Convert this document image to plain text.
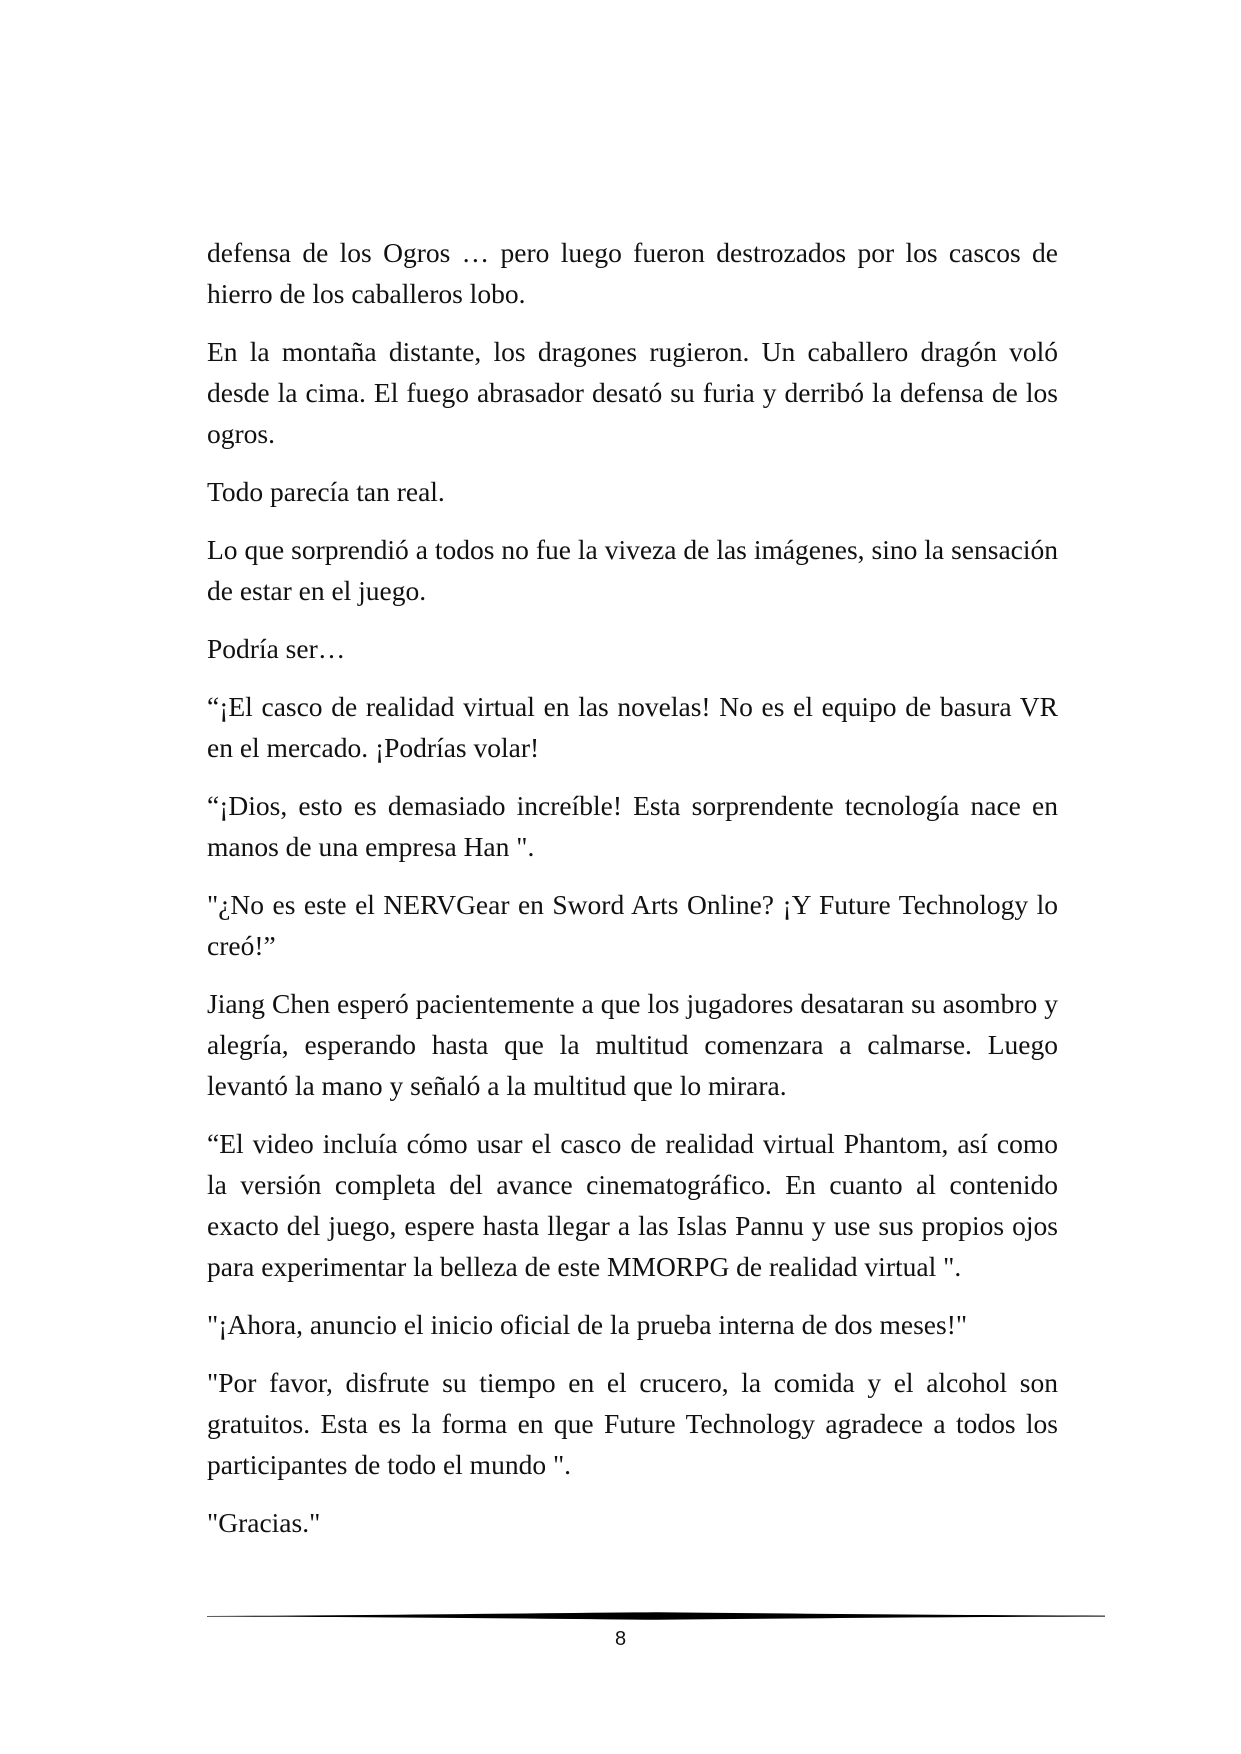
defensa de los Ogros … pero luego fueron destrozados por los cascos de hierro de los caballeros lobo.

En la montaña distante, los dragones rugieron. Un caballero dragón voló desde la cima. El fuego abrasador desató su furia y derribó la defensa de los ogros.

Todo parecía tan real.

Lo que sorprendió a todos no fue la viveza de las imágenes, sino la sensación de estar en el juego.

Podría ser…

“¡El casco de realidad virtual en las novelas! No es el equipo de basura VR en el mercado. ¡Podrías volar!

“¡Dios, esto es demasiado increíble! Esta sorprendente tecnología nace en manos de una empresa Han ".

"¿No es este el NERVGear en Sword Arts Online? ¡Y Future Technology lo creó!”

Jiang Chen esperó pacientemente a que los jugadores desataran su asombro y alegría, esperando hasta que la multitud comenzara a calmarse. Luego levantó la mano y señaló a la multitud que lo mirara.

“El video incluía cómo usar el casco de realidad virtual Phantom, así como la versión completa del avance cinematográfico. En cuanto al contenido exacto del juego, espere hasta llegar a las Islas Pannu y use sus propios ojos para experimentar la belleza de este MMORPG de realidad virtual ".

"¡Ahora, anuncio el inicio oficial de la prueba interna de dos meses!"

"Por favor, disfrute su tiempo en el crucero, la comida y el alcohol son gratuitos. Esta es la forma en que Future Technology agradece a todos los participantes de todo el mundo ".

"Gracias."

8
